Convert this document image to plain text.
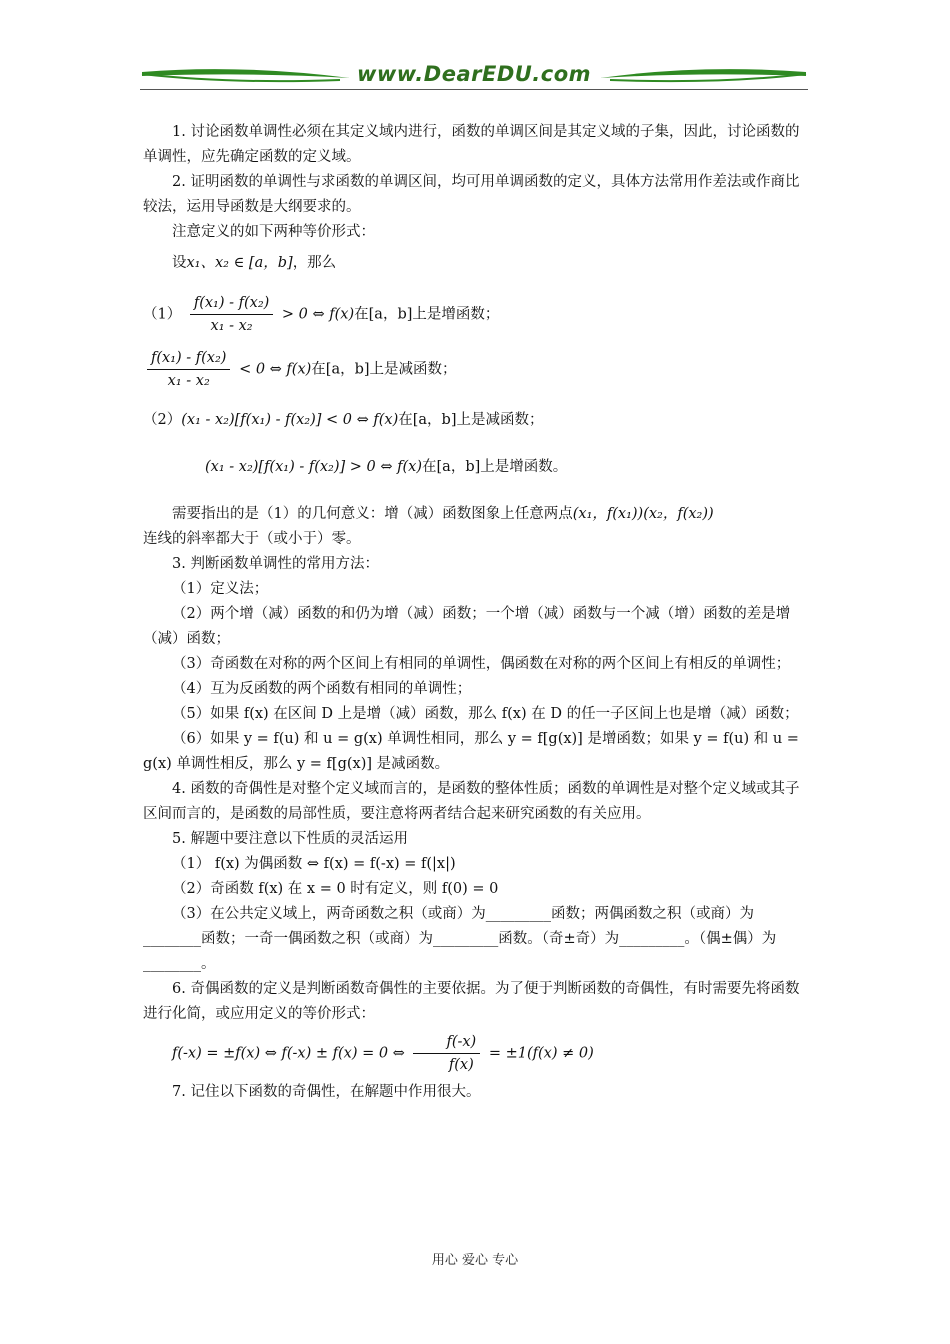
www.DearEDU.com

1. 讨论函数单调性必须在其定义域内进行，函数的单调区间是其定义域的子集，因此，讨论函数的单调性，应先确定函数的定义域。

2. 证明函数的单调性与求函数的单调区间，均可用单调函数的定义，具体方法常用作差法或作商比较法，运用导函数是大纲要求的。

注意定义的如下两种等价形式：

设x₁、x₂ ∈ [a，b]，那么

$(1) \frac{\text{f(x₁) - f(x₂)}}{\text{x₁ - x₂}} > 0$ ⇔ f(x)在[a，b]上是增函数；

$\frac{\text{f(x₁) - f(x₂)}}{\text{x₁ - x₂}} < 0$ ⇔ f(x)在[a，b]上是减函数；

（2）(x₁ - x₂)[f(x₁) - f(x₂)] < 0 ⇔ f(x)在[a，b]上是减函数；

(x₁ - x₂)[f(x₁) - f(x₂)] > 0 ⇔ f(x)在[a，b]上是增函数。

需要指出的是（1）的几何意义：增（减）函数图象上任意两点(x₁，f(x₁))(x₂，f(x₂))

连线的斜率都大于（或小于）零。

3. 判断函数单调性的常用方法：

（1）定义法；

（2）两个增（减）函数的和仍为增（减）函数；一个增（减）函数与一个减（增）函数的差是增（减）函数；

（3）奇函数在对称的两个区间上有相同的单调性，偶函数在对称的两个区间上有相反的单调性；

（4）互为反函数的两个函数有相同的单调性；

（5）如果 f(x) 在区间 D 上是增（减）函数，那么 f(x) 在 D 的任一子区间上也是增（减）函数；

（6）如果 y = f(u) 和 u = g(x) 单调性相同，那么 y = f[g(x)] 是增函数；如果 y = f(u) 和 u = g(x) 单调性相反，那么 y = f[g(x)] 是减函数。

4. 函数的奇偶性是对整个定义域而言的，是函数的整体性质；函数的单调性是对整个定义域或其子区间而言的，是函数的局部性质，要注意将两者结合起来研究函数的有关应用。

5. 解题中要注意以下性质的灵活运用

（1） f(x) 为偶函数 ⇔ f(x) = f(-x) = f(|x|)

（2）奇函数 f(x) 在 x = 0 时有定义，则 f(0) = 0

（3）在公共定义域上，两奇函数之积（或商）为_________函数；两偶函数之积（或商）为________函数；一奇一偶函数之积（或商）为_________函数。（奇±奇）为_________。（偶±偶）为________。

6. 奇偶函数的定义是判断函数奇偶性的主要依据。为了便于判断函数的奇偶性，有时需要先将函数进行化简，或应用定义的等价形式：

f(-x) = ±f(x) ⇔ f(-x) ± f(x) = 0 ⇔ $\frac{f(-x)}{f(x)} = \pm 1(f(x) \ne 0)$

7. 记住以下函数的奇偶性，在解题中作用很大。

用心 爱心 专心
